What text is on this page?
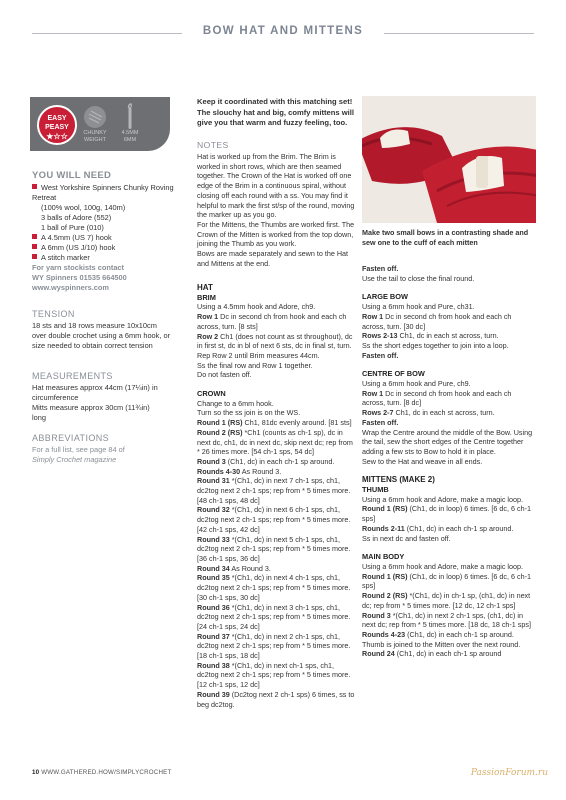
BOW HAT AND MITTENS
EASY
PEASY
★☆☆	CHUNKY
WEIGHT
4.5MM
6MM
YOU WILL NEED
West Yorkshire Spinners Chunky Roving Retreat
(100% wool, 100g, 140m)
3 balls of Adore (552)
1 ball of Pure (010)
A 4.5mm (US 7) hook
A 6mm (US J/10) hook
A stitch marker
For yarn stockists contact
WY Spinners 01535 664500
www.wyspinners.com
TENSION
18 sts and 18 rows measure 10x10cm over double crochet using a 6mm hook, or size needed to obtain correct tension
MEASUREMENTS
Hat measures approx 44cm (17¼in) in circumference
Mitts measure approx 30cm (11¾in) long
ABBREVIATIONS
For a full list, see page 84 of
Simply Crochet magazine
Keep it coordinated with this matching set! The slouchy hat and big, comfy mittens will give you that warm and fuzzy feeling, too.
NOTES

Hat is worked up from the Brim. The Brim is worked in short rows, which are then seamed together. The Crown of the Hat is worked off one edge of the Brim in a continuous spiral, without closing off each round with a ss. You may find it helpful to mark the first st/sp of the round, moving the marker up as you go.

For the Mittens, the Thumbs are worked first. The Crown of the Mitten is worked from the top down, joining the Thumb as you work.

Bows are made separately and sewn to the Hat and Mittens at the end.

HAT
BRIM
Using a 4.5mm hook and Adore, ch9.
Row 1 Dc in second ch from hook and each ch across, turn. [8 sts]
Row 2 Ch1 (does not count as st throughout), dc in first st, dc in bl of next 6 sts, dc in final st, turn.
Rep Row 2 until Brim measures 44cm.
Ss the final row and Row 1 together.
Do not fasten off.
CROWN
Change to a 6mm hook.
Turn so the ss join is on the WS.
Round 1 (RS) Ch1, 81dc evenly around. [81 sts]
Round 2 (RS) *Ch1 (counts as ch-1 sp), dc in next dc, ch1, dc in next dc, skip next dc; rep from * 26 times more. [54 ch-1 sps, 54 dc]
Round 3 (Ch1, dc) in each ch-1 sp around.
Rounds 4-30 As Round 3.
Round 31 *(Ch1, dc) in next 7 ch-1 sps, ch1, dc2tog next 2 ch-1 sps; rep from * 5 times more. [48 ch-1 sps, 48 dc]
Round 32 *(Ch1, dc) in next 6 ch-1 sps, ch1, dc2tog next 2 ch-1 sps; rep from * 5 times more. [42 ch-1 sps, 42 dc]
Round 33 *(Ch1, dc) in next 5 ch-1 sps, ch1, dc2tog next 2 ch-1 sps; rep from * 5 times more. [36 ch-1 sps, 36 dc]
Round 34 As Round 3.
Round 35 *(Ch1, dc) in next 4 ch-1 sps, ch1, dc2tog next 2 ch-1 sps; rep from * 5 times more. [30 ch-1 sps, 30 dc]
Round 36 *(Ch1, dc) in next 3 ch-1 sps, ch1, dc2tog next 2 ch-1 sps; rep from * 5 times more. [24 ch-1 sps, 24 dc]
Round 37 *(Ch1, dc) in next 2 ch-1 sps, ch1, dc2tog next 2 ch-1 sps; rep from * 5 times more. [18 ch-1 sps, 18 dc]
Round 38 *(Ch1, dc) in next ch-1 sps, ch1, dc2tog next 2 ch-1 sps; rep from * 5 times more. [12 ch-1 sps, 12 dc]
Round 39 (Dc2tog next 2 ch-1 sps) 6 times, ss to beg dc2tog.
Make two small bows in a contrasting shade and sew one to the cuff of each mitten
Fasten off.
Use the tail to close the final round.
LARGE BOW
Using a 6mm hook and Pure, ch31.
Row 1 Dc in second ch from hook and each ch across, turn. [30 dc]
Rows 2-13 Ch1, dc in each st across, turn.
Ss the short edges together to join into a loop.
Fasten off.
CENTRE OF BOW
Using a 6mm hook and Pure, ch9.
Row 1 Dc in second ch from hook and each ch across, turn. [8 dc]
Rows 2-7 Ch1, dc in each st across, turn.
Fasten off.
Wrap the Centre around the middle of the Bow. Using the tail, sew the short edges of the Centre together adding a few sts to Bow to hold it in place.
Sew to the Hat and weave in all ends.
MITTENS (MAKE 2)
THUMB
Using a 6mm hook and Adore, make a magic loop.
Round 1 (RS) (Ch1, dc in loop) 6 times. [6 dc, 6 ch-1 sps]
Rounds 2-11 (Ch1, dc) in each ch-1 sp around.
Ss in next dc and fasten off.
MAIN BODY
Using a 6mm hook and Adore, make a magic loop.
Round 1 (RS) (Ch1, dc in loop) 6 times. [6 dc, 6 ch-1 sps]
Round 2 (RS) *(Ch1, dc) in ch-1 sp, (ch1, dc) in next dc; rep from * 5 times more. [12 dc, 12 ch-1 sps]
Round 3 *(Ch1, dc) in next 2 ch-1 sps, (ch1, dc) in next dc; rep from * 5 times more. [18 dc, 18 ch-1 sps]
Rounds 4-23 (Ch1, dc) in each ch-1 sp around. Thumb is joined to the Mitten over the next round.
Round 24 (Ch1, dc) in each ch-1 sp around
10 WWW.GATHERED.HOW/SIMPLYCROCHET	PassionForum.ru
